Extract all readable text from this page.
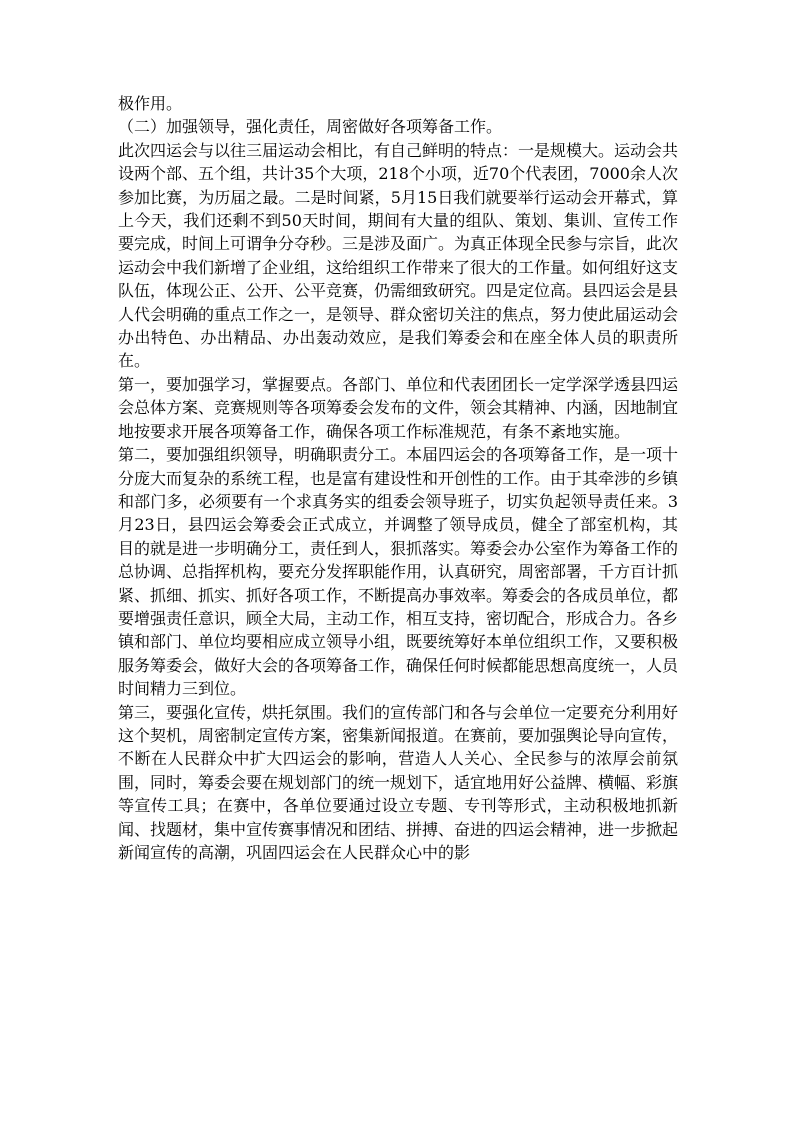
极作用。

（二）加强领导，强化责任，周密做好各项筹备工作。

此次四运会与以往三届运动会相比，有自己鲜明的特点：一是规模大。运动会共设两个部、五个组，共计35个大项，218个小项，近70个代表团，7000余人次参加比赛，为历届之最。二是时间紧，5月15日我们就要举行运动会开幕式，算上今天，我们还剩不到50天时间，期间有大量的组队、策划、集训、宣传工作要完成，时间上可谓争分夺秒。三是涉及面广。为真正体现全民参与宗旨，此次运动会中我们新增了企业组，这给组织工作带来了很大的工作量。如何组好这支队伍，体现公正、公开、公平竞赛，仍需细致研究。四是定位高。县四运会是县人代会明确的重点工作之一，是领导、群众密切关注的焦点，努力使此届运动会办出特色、办出精品、办出轰动效应，是我们筹委会和在座全体人员的职责所在。

第一，要加强学习，掌握要点。各部门、单位和代表团团长一定学深学透县四运会总体方案、竞赛规则等各项筹委会发布的文件，领会其精神、内涵，因地制宜地按要求开展各项筹备工作，确保各项工作标准规范，有条不紊地实施。

第二，要加强组织领导，明确职责分工。本届四运会的各项筹备工作，是一项十分庞大而复杂的系统工程，也是富有建设性和开创性的工作。由于其牵涉的乡镇和部门多，必须要有一个求真务实的组委会领导班子，切实负起领导责任来。3月23日，县四运会筹委会正式成立，并调整了领导成员，健全了部室机构，其目的就是进一步明确分工，责任到人，狠抓落实。筹委会办公室作为筹备工作的总协调、总指挥机构，要充分发挥职能作用，认真研究，周密部署，千方百计抓紧、抓细、抓实、抓好各项工作，不断提高办事效率。筹委会的各成员单位，都要增强责任意识，顾全大局，主动工作，相互支持，密切配合，形成合力。各乡镇和部门、单位均要相应成立领导小组，既要统筹好本单位组织工作，又要积极服务筹委会，做好大会的各项筹备工作，确保任何时候都能思想高度统一，人员时间精力三到位。

第三，要强化宣传，烘托氛围。我们的宣传部门和各与会单位一定要充分利用好这个契机，周密制定宣传方案，密集新闻报道。在赛前，要加强舆论导向宣传，不断在人民群众中扩大四运会的影响，营造人人关心、全民参与的浓厚会前氛围，同时，筹委会要在规划部门的统一规划下，适宜地用好公益牌、横幅、彩旗等宣传工具；在赛中，各单位要通过设立专题、专刊等形式，主动积极地抓新闻、找题材，集中宣传赛事情况和团结、拼搏、奋进的四运会精神，进一步掀起新闻宣传的高潮，巩固四运会在人民群众心中的影
